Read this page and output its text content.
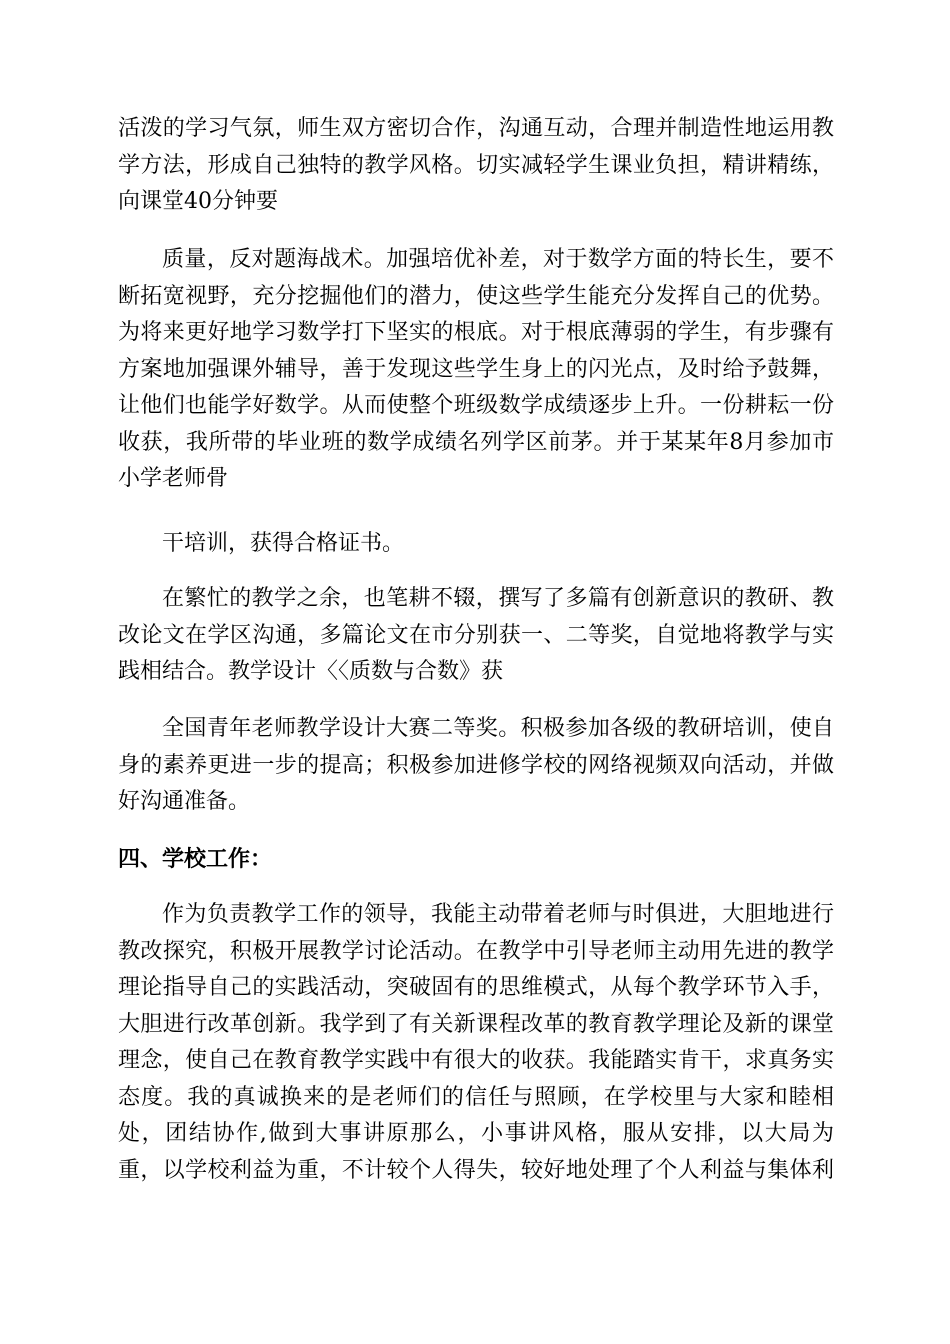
活泼的学习气氛，师生双方密切合作，沟通互动，合理并制造性地运用教
学方法，形成自己独特的教学风格。切实减轻学生课业负担，精讲精练，
向课堂40分钟要
质量，反对题海战术。加强培优补差，对于数学方面的特长生，要不
断拓宽视野，充分挖掘他们的潜力，使这些学生能充分发挥自己的优势。
为将来更好地学习数学打下坚实的根底。对于根底薄弱的学生，有步骤有
方案地加强课外辅导，善于发现这些学生身上的闪光点，及时给予鼓舞，
让他们也能学好数学。从而使整个班级数学成绩逐步上升。一份耕耘一份
收获，我所带的毕业班的数学成绩名列学区前茅。并于某某年8月参加市
小学老师骨
干培训，获得合格证书。
在繁忙的教学之余，也笔耕不辍，撰写了多篇有创新意识的教研、教
改论文在学区沟通，多篇论文在市分别获一、二等奖，自觉地将教学与实
践相结合。教学设计〈〈质数与合数》获
全国青年老师教学设计大赛二等奖。积极参加各级的教研培训，使自
身的素养更进一步的提高；积极参加进修学校的网络视频双向活动，并做
好沟通准备。
四、学校工作：
作为负责教学工作的领导，我能主动带着老师与时俱进，大胆地进行
教改探究，积极开展教学讨论活动。在教学中引导老师主动用先进的教学
理论指导自己的实践活动，突破固有的思维模式，从每个教学环节入手，
大胆进行改革创新。我学到了有关新课程改革的教育教学理论及新的课堂
理念，使自己在教育教学实践中有很大的收获。我能踏实肯干，求真务实
态度。我的真诚换来的是老师们的信任与照顾，在学校里与大家和睦相
处，团结协作,做到大事讲原那么，小事讲风格，服从安排，以大局为
重，以学校利益为重，不计较个人得失，较好地处理了个人利益与集体利
